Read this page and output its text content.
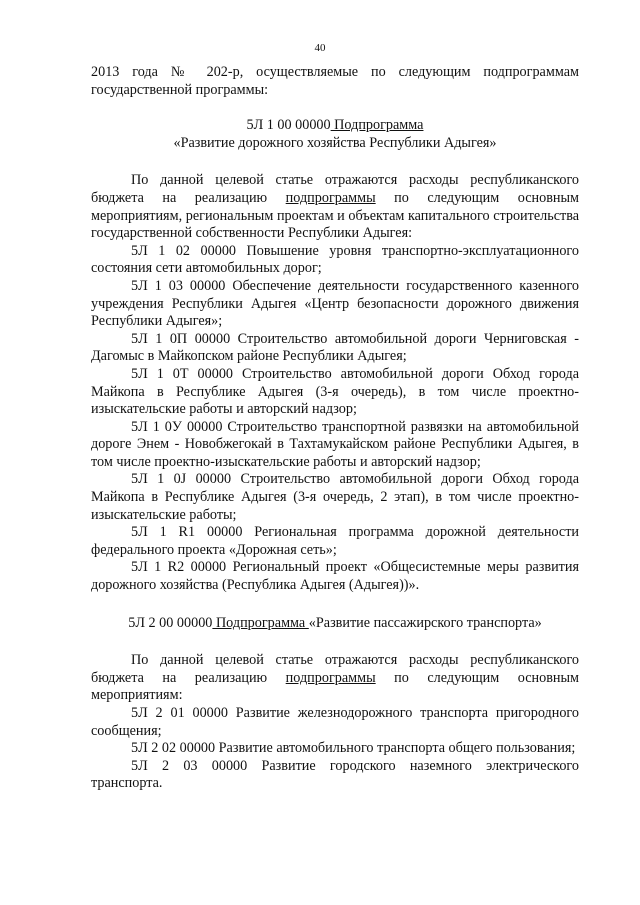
40

2013 года № 202-р, осуществляемые по следующим подпрограммам государственной программы:

5Л 1 00 00000 Подпрограмма
«Развитие дорожного хозяйства Республики Адыгея»

По данной целевой статье отражаются расходы республиканского бюджета на реализацию подпрограммы по следующим основным мероприятиям, региональным проектам и объектам капитального строительства государственной собственности Республики Адыгея:

5Л 1 02 00000 Повышение уровня транспортно-эксплуатационного состояния сети автомобильных дорог;

5Л 1 03 00000 Обеспечение деятельности государственного казенного учреждения Республики Адыгея «Центр безопасности дорожного движения Республики Адыгея»;

5Л 1 0П 00000 Строительство автомобильной дороги Черниговская - Дагомыс в Майкопском районе Республики Адыгея;

5Л 1 0Т 00000 Строительство автомобильной дороги Обход города Майкопа в Республике Адыгея (3-я очередь), в том числе проектно-изыскательские работы и авторский надзор;

5Л 1 0У 00000 Строительство транспортной развязки на автомобильной дороге Энем - Новобжегокай в Тахтамукайском районе Республики Адыгея, в том числе проектно-изыскательские работы и авторский надзор;

5Л 1 0J 00000 Строительство автомобильной дороги Обход города Майкопа в Республике Адыгея (3-я очередь, 2 этап), в том числе проектно-изыскательские работы;

5Л 1 R1 00000 Региональная программа дорожной деятельности федерального проекта «Дорожная сеть»;

5Л 1 R2 00000 Региональный проект «Общесистемные меры развития дорожного хозяйства (Республика Адыгея (Адыгея))».

5Л 2 00 00000 Подпрограмма «Развитие пассажирского транспорта»

По данной целевой статье отражаются расходы республиканского бюджета на реализацию подпрограммы по следующим основным мероприятиям:

5Л 2 01 00000 Развитие железнодорожного транспорта пригородного сообщения;

5Л 2 02 00000 Развитие автомобильного транспорта общего пользования;

5Л 2 03 00000 Развитие городского наземного электрического транспорта.
